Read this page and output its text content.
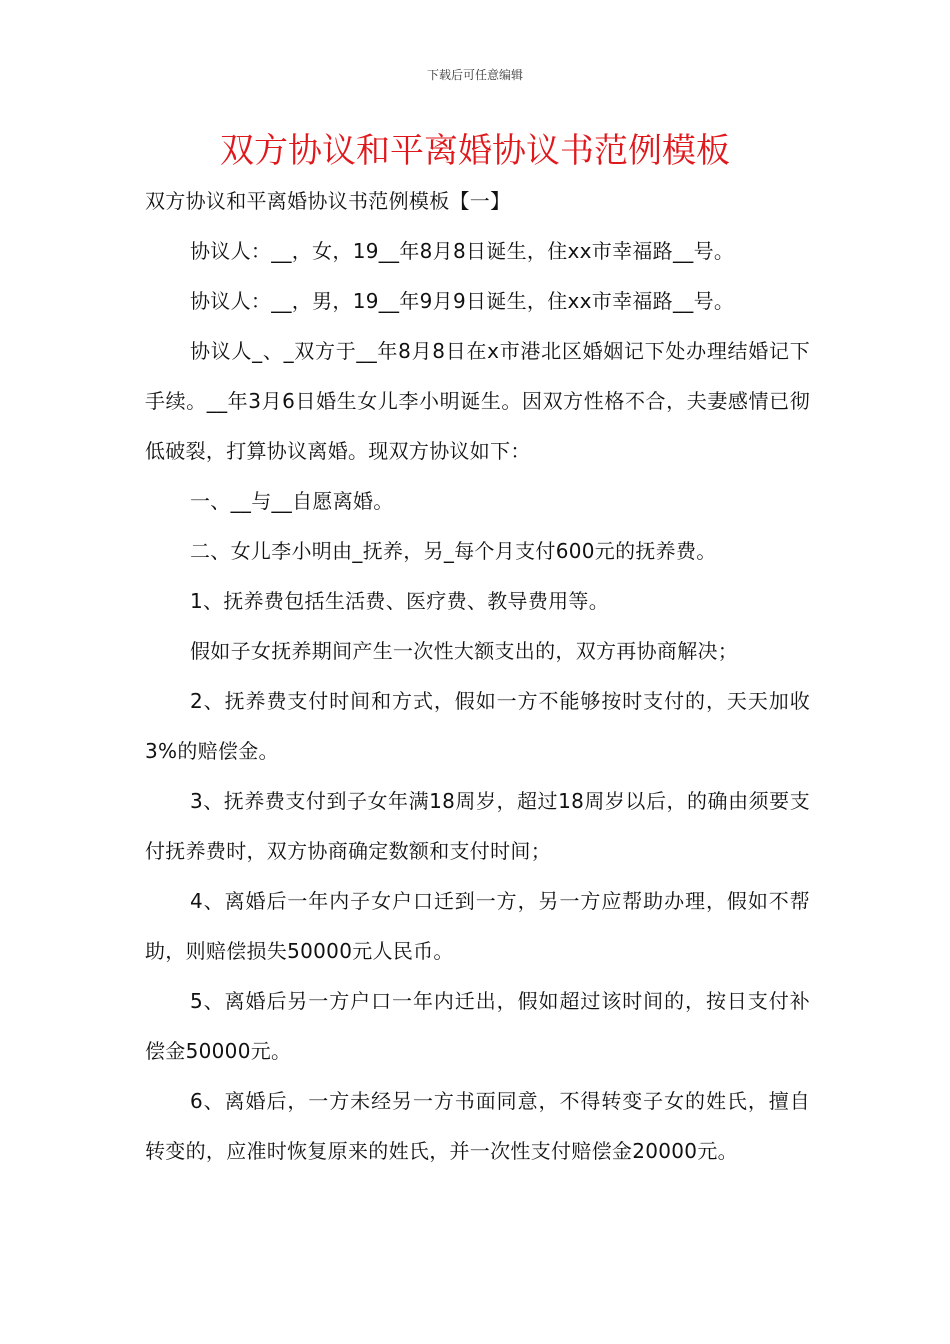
下载后可任意编辑
双方协议和平离婚协议书范例模板

双方协议和平离婚协议书范例模板【一】

协议人：__，女，19__年8月8日诞生，住xx市幸福路__号。

协议人：__，男，19__年9月9日诞生，住xx市幸福路__号。

协议人_、_双方于__年8月8日在x市港北区婚姻记下处办理结婚记下手续。__年3月6日婚生女儿李小明诞生。因双方性格不合，夫妻感情已彻低破裂，打算协议离婚。现双方协议如下：

一、__与__自愿离婚。

二、女儿李小明由_抚养，另_每个月支付600元的抚养费。

1、抚养费包括生活费、医疗费、教导费用等。

假如子女抚养期间产生一次性大额支出的，双方再协商解决；

2、抚养费支付时间和方式，假如一方不能够按时支付的，天天加收3%的赔偿金。

3、抚养费支付到子女年满18周岁，超过18周岁以后，的确由须要支付抚养费时，双方协商确定数额和支付时间；

4、离婚后一年内子女户口迁到一方，另一方应帮助办理，假如不帮助，则赔偿损失50000元人民币。

5、离婚后另一方户口一年内迁出，假如超过该时间的，按日支付补偿金50000元。

6、离婚后，一方未经另一方书面同意，不得转变子女的姓氏，擅自转变的，应准时恢复原来的姓氏，并一次性支付赔偿金20000元。
